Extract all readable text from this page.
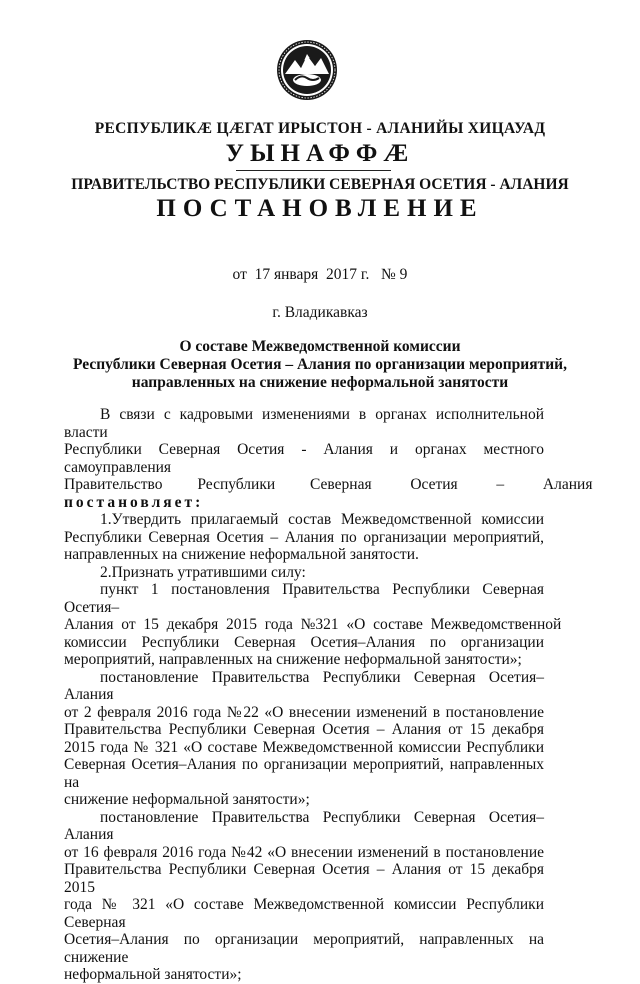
РЕСПУБЛИКÆ ЦÆГАТ ИРЫСТОН - АЛАНИЙЫ ХИЦАУАД
УЫНАФФÆ
ПРАВИТЕЛЬСТВО РЕСПУБЛИКИ СЕВЕРНАЯ ОСЕТИЯ - АЛАНИЯ
ПОСТАНОВЛЕНИЕ
от  17 января  2017 г.   № 9
г. Владикавказ
О составе Межведомственной комиссии
Республики Северная Осетия – Алания по организации мероприятий,
направленных на снижение неформальной занятости

В связи с кадровыми изменениями в органах исполнительной власти

Республики Северная Осетия - Алания и органах местного самоуправления

Правительство         Республики         Северная          Осетия          –          Алания

постановляет:

1.Утвердить  прилагаемый  состав  Межведомственной  комиссии

Республики Северная Осетия – Алания по организации мероприятий,

направленных на снижение неформальной занятости.

2.Признать утратившими силу:

пункт 1 постановления Правительства Республики Северная Осетия–

Алания  от  15  декабря  2015  года  №321  «О  составе  Межведомственной

комиссии   Республики   Северная   Осетия–Алания   по   организации

мероприятий, направленных на снижение неформальной занятости»;

постановление Правительства Республики Северная Осетия–Алания

от 2 февраля 2016 года №22 «О внесении изменений в постановление

Правительства Республики Северная Осетия – Алания от 15 декабря

2015 года № 321 «О составе Межведомственной комиссии Республики

Северная Осетия–Алания по организации мероприятий, направленных на

снижение неформальной занятости»;

постановление Правительства Республики Северная Осетия–Алания

от 16 февраля 2016 года №42 «О внесении изменений в постановление

Правительства Республики Северная Осетия – Алания от 15 декабря 2015

года № 321 «О составе Межведомственной комиссии Республики Северная

Осетия–Алания по организации мероприятий, направленных на снижение

неформальной занятости»;
